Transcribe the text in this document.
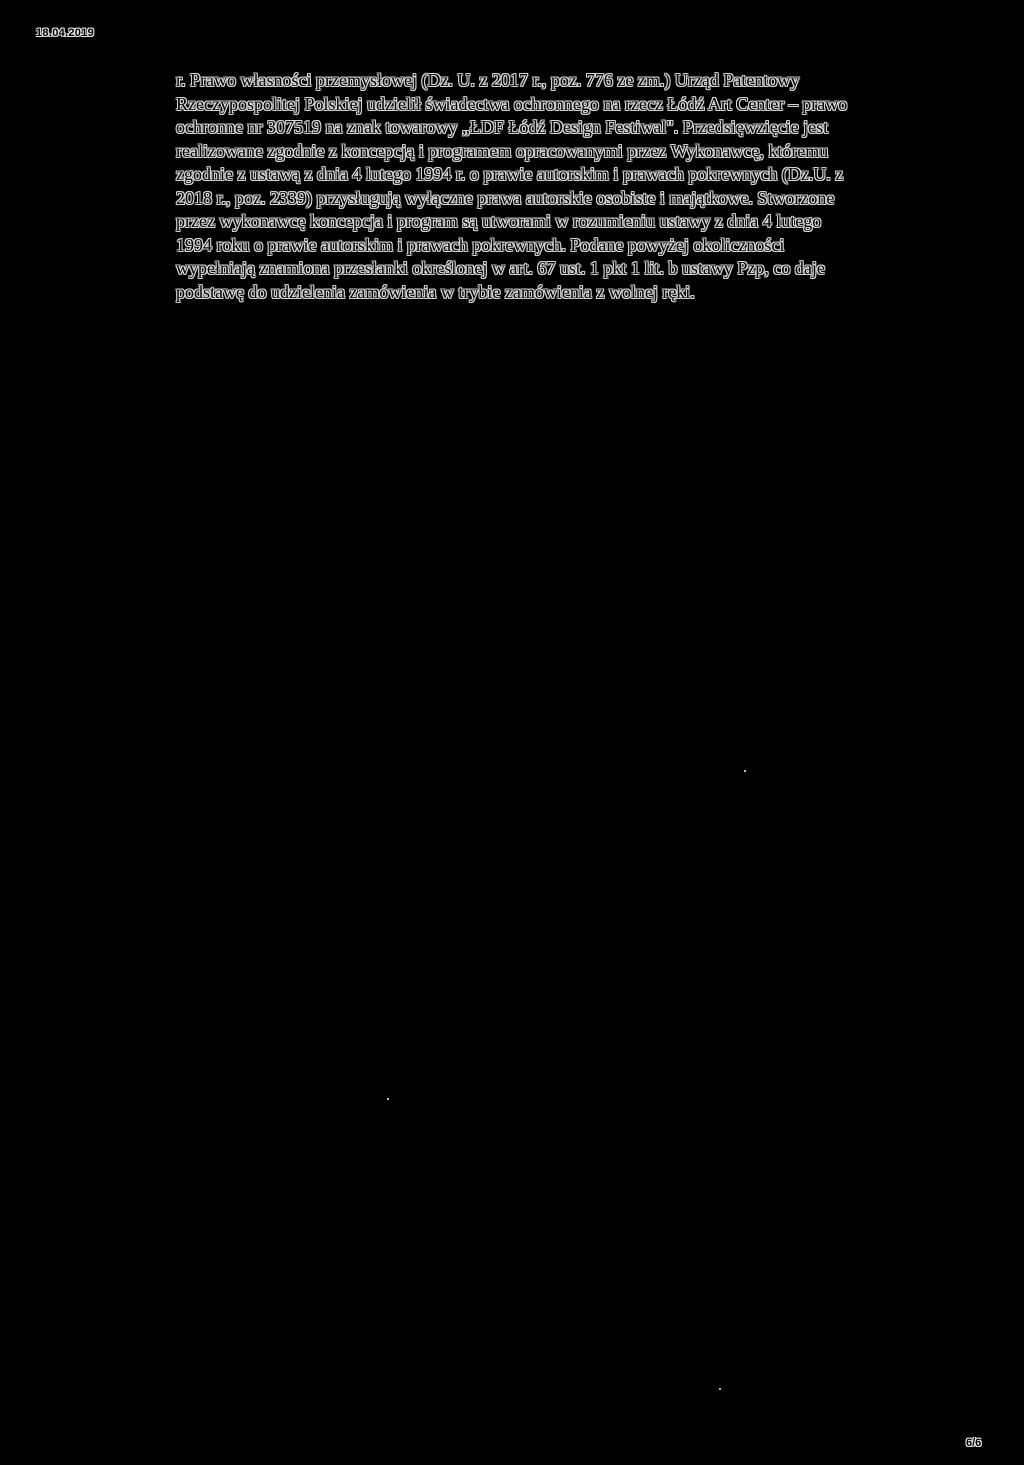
18.04.2019
r. Prawo własności przemysłowej (Dz. U. z 2017 r., poz. 776 ze zm.) Urząd Patentowy
Rzeczypospolitej Polskiej udzielił świadectwa ochronnego na rzecz Łódź Art Center – prawo
ochronne nr 307519 na znak towarowy „ŁDF Łódź Design Festiwal". Przedsięwzięcie jest
realizowane zgodnie z koncepcją i programem opracowanymi przez Wykonawcę, któremu
zgodnie z ustawą z dnia 4 lutego 1994 r. o prawie autorskim i prawach pokrewnych (Dz.U. z
2018 r., poz. 2339) przysługują wyłączne prawa autorskie osobiste i majątkowe. Stworzone
przez wykonawcę koncepcja i program są utworami w rozumieniu ustawy z dnia 4 lutego
1994 roku o prawie autorskim i prawach pokrewnych. Podane powyżej okoliczności
wypełniają znamiona przesłanki określonej w art. 67 ust. 1 pkt 1 lit. b ustawy Pzp, co daje
podstawę do udzielenia zamówienia w trybie zamówienia z wolnej ręki.
6/6
